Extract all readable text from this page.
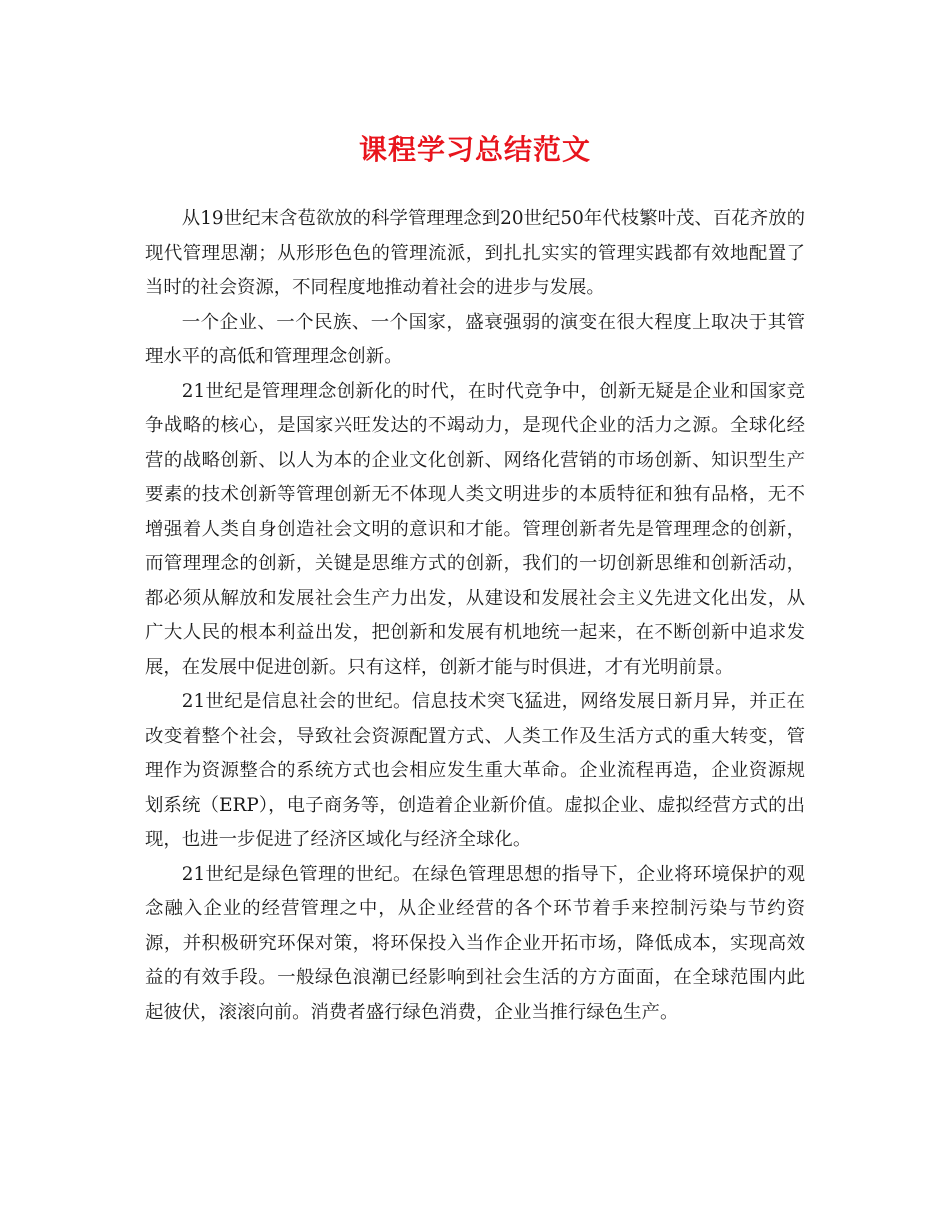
课程学习总结范文

从19世纪末含苞欲放的科学管理理念到20世纪50年代枝繁叶茂、百花齐放的现代管理思潮；从形形色色的管理流派，到扎扎实实的管理实践都有效地配置了当时的社会资源，不同程度地推动着社会的进步与发展。

一个企业、一个民族、一个国家，盛衰强弱的演变在很大程度上取决于其管理水平的高低和管理理念创新。

21世纪是管理理念创新化的时代，在时代竞争中，创新无疑是企业和国家竞争战略的核心，是国家兴旺发达的不竭动力，是现代企业的活力之源。全球化经营的战略创新、以人为本的企业文化创新、网络化营销的市场创新、知识型生产要素的技术创新等管理创新无不体现人类文明进步的本质特征和独有品格，无不增强着人类自身创造社会文明的意识和才能。管理创新者先是管理理念的创新，而管理理念的创新，关键是思维方式的创新，我们的一切创新思维和创新活动，都必须从解放和发展社会生产力出发，从建设和发展社会主义先进文化出发，从广大人民的根本利益出发，把创新和发展有机地统一起来，在不断创新中追求发展，在发展中促进创新。只有这样，创新才能与时俱进，才有光明前景。

21世纪是信息社会的世纪。信息技术突飞猛进，网络发展日新月异，并正在改变着整个社会，导致社会资源配置方式、人类工作及生活方式的重大转变，管理作为资源整合的系统方式也会相应发生重大革命。企业流程再造，企业资源规划系统（ERP），电子商务等，创造着企业新价值。虚拟企业、虚拟经营方式的出现，也进一步促进了经济区域化与经济全球化。

21世纪是绿色管理的世纪。在绿色管理思想的指导下，企业将环境保护的观念融入企业的经营管理之中，从企业经营的各个环节着手来控制污染与节约资源，并积极研究环保对策，将环保投入当作企业开拓市场，降低成本，实现高效益的有效手段。一般绿色浪潮已经影响到社会生活的方方面面，在全球范围内此起彼伏，滚滚向前。消费者盛行绿色消费，企业当推行绿色生产。
